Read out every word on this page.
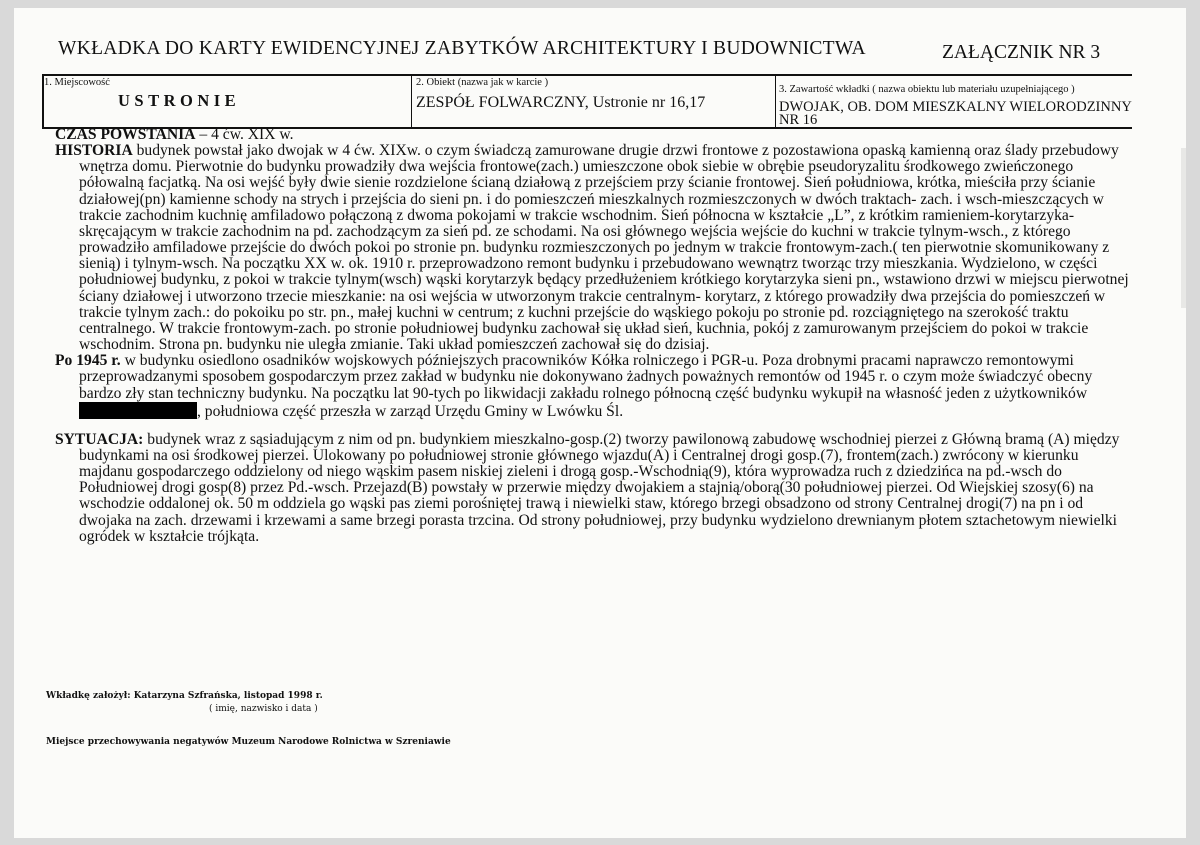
WKŁADKA DO KARTY EWIDENCYJNEJ ZABYTKÓW ARCHITEKTURY I BUDOWNICTWA	ZAŁĄCZNIK NR 3
1. Miejscowość
USTRONIE
2. Obiekt (nazwa jak w karcie )
ZESPÓŁ FOLWARCZNY, Ustronie nr 16,17
3. Zawartość wkładki ( nazwa obiektu lub materiału uzupełniającego )
DWOJAK, OB. DOM MIESZKALNY WIELORODZINNY
NR 16

CZAS POWSTANIA – 4 ćw. XIX w.

HISTORIA budynek powstał jako dwojak w 4 ćw. XIXw. o czym świadczą zamurowane drugie drzwi frontowe z pozostawiona opaską kamienną oraz ślady przebudowy wnętrza domu. Pierwotnie do budynku prowadziły dwa wejścia frontowe(zach.) umieszczone obok siebie w obrębie pseudoryzalitu środkowego zwieńczonego półowalną facjatką. Na osi wejść były dwie sienie rozdzielone ścianą działową z przejściem przy ścianie frontowej. Sień południowa, krótka, mieściła przy ścianie działowej(pn) kamienne schody na strych i przejścia do sieni pn. i do pomieszczeń mieszkalnych rozmieszczonych w dwóch traktach- zach. i wsch-mieszczących w trakcie zachodnim kuchnię amfiladowo połączoną z dwoma pokojami w trakcie wschodnim. Sień północna w kształcie „L”, z krótkim ramieniem-korytarzyka- skręcającym w trakcie zachodnim na pd. zachodzącym za sień pd. ze schodami. Na osi głównego wejścia wejście do kuchni w trakcie tylnym-wsch., z którego prowadziło amfiladowe przejście do dwóch pokoi po stronie pn. budynku rozmieszczonych po jednym w trakcie frontowym-zach.( ten pierwotnie skomunikowany z sienią) i tylnym-wsch. Na początku XX w. ok. 1910 r. przeprowadzono remont budynku i przebudowano wewnątrz tworząc trzy mieszkania. Wydzielono, w części południowej budynku, z pokoi w trakcie tylnym(wsch) wąski korytarzyk będący przedłużeniem krótkiego korytarzyka sieni pn., wstawiono drzwi w miejscu pierwotnej ściany działowej i utworzono trzecie mieszkanie: na osi wejścia w utworzonym trakcie centralnym- korytarz, z którego prowadziły dwa przejścia do pomieszczeń w trakcie tylnym zach.: do pokoiku po str. pn., małej kuchni w centrum; z kuchni przejście do wąskiego pokoju po stronie pd. rozciągniętego na szerokość traktu centralnego. W trakcie frontowym-zach. po stronie południowej budynku zachował się układ sień, kuchnia, pokój z zamurowanym przejściem do pokoi w trakcie wschodnim. Strona pn. budynku nie uległa zmianie. Taki układ pomieszczeń zachował się do dzisiaj.

Po 1945 r. w budynku osiedlono osadników wojskowych późniejszych pracowników Kółka rolniczego i PGR-u. Poza drobnymi pracami naprawczo remontowymi przeprowadzanymi sposobem gospodarczym przez zakład w budynku nie dokonywano żadnych poważnych remontów od 1945 r. o czym może świadczyć obecny bardzo zły stan techniczny budynku. Na początku lat 90-tych po likwidacji zakładu rolnego północną część budynku wykupił na własność jeden z użytkowników, południowa część przeszła w zarząd Urzędu Gminy w Lwówku Śl.

SYTUACJA: budynek wraz z sąsiadującym z nim od pn. budynkiem mieszkalno-gosp.(2) tworzy pawilonową zabudowę wschodniej pierzei z Główną bramą (A) między budynkami na osi środkowej pierzei. Ulokowany po południowej stronie głównego wjazdu(A) i Centralnej drogi gosp.(7), frontem(zach.) zwrócony w kierunku majdanu gospodarczego oddzielony od niego wąskim pasem niskiej zieleni i drogą gosp.-Wschodnią(9), która wyprowadza ruch z dziedzińca na pd.-wsch do Południowej drogi gosp(8) przez Pd.-wsch. Przejazd(B) powstały w przerwie między dwojakiem a stajnią/oborą(30 południowej pierzei. Od Wiejskiej szosy(6) na wschodzie oddalonej ok. 50 m oddziela go wąski pas ziemi porośniętej trawą i niewielki staw, którego brzegi obsadzono od strony Centralnej drogi(7) na pn i od dwojaka na zach. drzewami i krzewami a same brzegi porasta trzcina. Od strony południowej, przy budynku wydzielono drewnianym płotem sztachetowym niewielki ogródek w kształcie trójkąta.

Wkładkę założył: Katarzyna Szfrańska, listopad 1998 r.
( imię, nazwisko i data )
Miejsce przechowywania negatywów Muzeum Narodowe Rolnictwa w Szreniawie
